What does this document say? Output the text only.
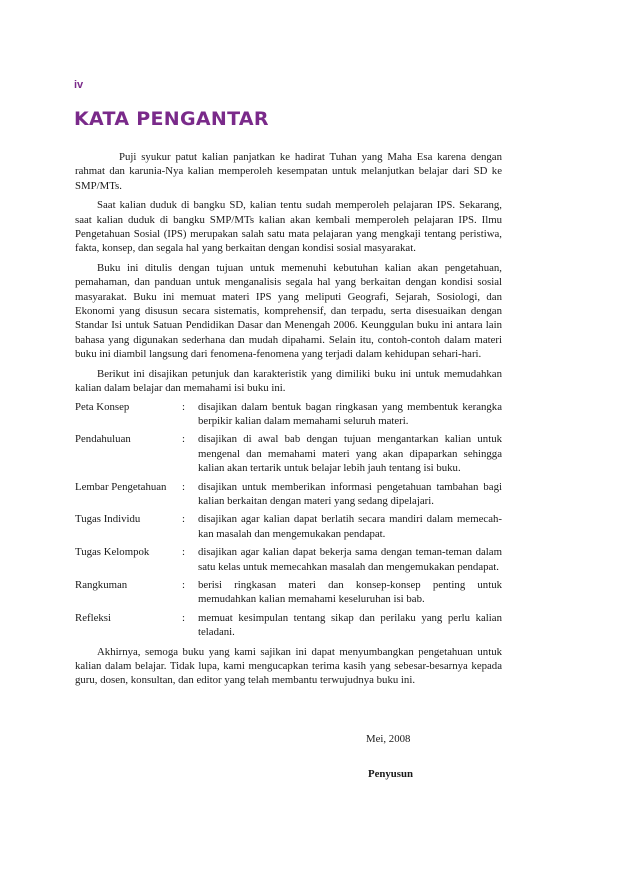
iv
KATA PENGANTAR

Puji syukur patut kalian panjatkan ke hadirat Tuhan yang Maha Esa karena dengan rahmat dan karunia-Nya kalian memperoleh kesempatan untuk melanjutkan belajar dari SD ke SMP/MTs.

Saat kalian duduk di bangku SD, kalian tentu sudah memperoleh pelajaran IPS. Sekarang, saat kalian duduk di bangku SMP/MTs kalian akan kembali memperoleh pelajaran IPS. Ilmu Pengetahuan Sosial (IPS) merupakan salah satu mata pelajaran yang mengkaji tentang peristiwa, fakta, konsep, dan segala hal yang berkaitan dengan kondisi sosial masyarakat.

Buku ini ditulis dengan tujuan untuk memenuhi kebutuhan kalian akan pengetahuan, pemahaman, dan panduan untuk menganalisis segala hal yang berkaitan dengan kondisi sosial masyarakat. Buku ini memuat materi IPS yang meliputi Geografi, Sejarah, Sosiologi, dan Ekonomi yang disusun secara sistematis, komprehensif, dan terpadu, serta disesuaikan dengan Standar Isi untuk Satuan Pendidikan Dasar dan Menengah 2006. Keunggulan buku ini antara lain bahasa yang digunakan sederhana dan mudah dipahami. Selain itu, contoh-contoh dalam materi buku ini diambil langsung dari fenomena-fenomena yang terjadi dalam kehidupan sehari-hari.

Berikut ini disajikan petunjuk dan karakteristik yang dimiliki buku ini untuk memudahkan kalian dalam belajar dan memahami isi buku ini.

Peta Konsep	:	disajikan dalam bentuk bagan ringkasan yang membentuk kerangka berpikir kalian dalam memahami seluruh materi.
Pendahuluan	:	disajikan di awal bab dengan tujuan mengantarkan kalian untuk mengenal dan memahami materi yang akan dipaparkan sehingga kalian akan tertarik untuk belajar lebih jauh tentang isi buku.
Lembar Pengetahuan	:	disajikan untuk memberikan informasi pengetahuan tambahan bagi kalian berkaitan dengan materi yang sedang dipelajari.
Tugas Individu	:	disajikan agar kalian dapat berlatih secara mandiri dalam memecah-kan masalah dan mengemukakan pendapat.
Tugas Kelompok	:	disajikan agar kalian dapat bekerja sama dengan teman-teman dalam satu kelas untuk memecahkan masalah dan mengemukakan pendapat.
Rangkuman	:	berisi ringkasan materi dan konsep-konsep penting untuk memudahkan kalian memahami keseluruhan isi bab.
Refleksi	:	memuat kesimpulan tentang sikap dan perilaku yang perlu kalian teladani.

Akhirnya, semoga buku yang kami sajikan ini dapat menyumbangkan pengetahuan untuk kalian dalam belajar. Tidak lupa, kami mengucapkan terima kasih yang sebesar-besarnya kepada guru, dosen, konsultan, dan editor yang telah membantu terwujudnya buku ini.

Mei, 2008
Penyusun
